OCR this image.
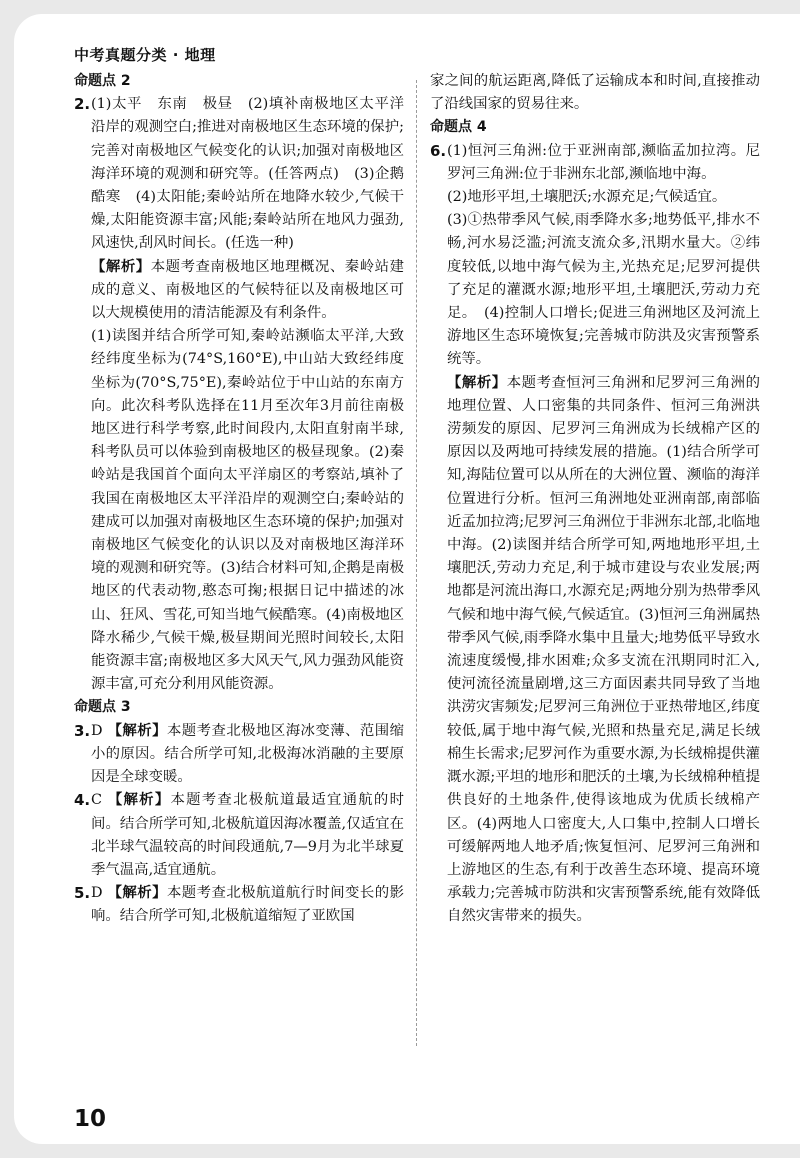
中考真题分类 · 地理
命题点 2
2. (1)太平　东南　极昼　(2)填补南极地区太平洋沿岸的观测空白;推进对南极地区生态环境的保护;完善对南极地区气候变化的认识;加强对南极地区海洋环境的观测和研究等。(任答两点)　(3)企鹅　酷寒　(4)太阳能;秦岭站所在地降水较少,气候干燥,太阳能资源丰富;风能;秦岭站所在地风力强劲,风速快,刮风时间长。(任选一种)

【解析】本题考查南极地区地理概况、秦岭站建成的意义、南极地区的气候特征以及南极地区可以大规模使用的清洁能源及有利条件。

(1)读图并结合所学可知,秦岭站濒临太平洋,大致经纬度坐标为(74°S,160°E),中山站大致经纬度坐标为(70°S,75°E),秦岭站位于中山站的东南方向。此次科考队选择在11月至次年3月前往南极地区进行科学考察,此时间段内,太阳直射南半球,科考队员可以体验到南极地区的极昼现象。(2)秦岭站是我国首个面向太平洋扇区的考察站,填补了我国在南极地区太平洋沿岸的观测空白;秦岭站的建成可以加强对南极地区生态环境的保护;加强对南极地区气候变化的认识以及对南极地区海洋环境的观测和研究等。(3)结合材料可知,企鹅是南极地区的代表动物,憨态可掬;根据日记中描述的冰山、狂风、雪花,可知当地气候酷寒。(4)南极地区降水稀少,气候干燥,极昼期间光照时间较长,太阳能资源丰富;南极地区多大风天气,风力强劲风能资源丰富,可充分利用风能资源。

命题点 3
3. D 【解析】本题考查北极地区海冰变薄、范围缩小的原因。结合所学可知,北极海冰消融的主要原因是全球变暖。

4. C 【解析】本题考查北极航道最适宜通航的时间。结合所学可知,北极航道因海冰覆盖,仅适宜在北半球气温较高的时间段通航,7—9月为北半球夏季气温高,适宜通航。

5. D 【解析】本题考查北极航道航行时间变长的影响。结合所学可知,北极航道缩短了亚欧国

家之间的航运距离,降低了运输成本和时间,直接推动了沿线国家的贸易往来。

命题点 4
6. (1)恒河三角洲:位于亚洲南部,濒临孟加拉湾。尼罗河三角洲:位于非洲东北部,濒临地中海。

(2)地形平坦,土壤肥沃;水源充足;气候适宜。

(3)①热带季风气候,雨季降水多;地势低平,排水不畅,河水易泛滥;河流支流众多,汛期水量大。②纬度较低,以地中海气候为主,光热充足;尼罗河提供了充足的灌溉水源;地形平坦,土壤肥沃,劳动力充足。　(4)控制人口增长;促进三角洲地区及河流上游地区生态环境恢复;完善城市防洪及灾害预警系统等。

【解析】本题考查恒河三角洲和尼罗河三角洲的地理位置、人口密集的共同条件、恒河三角洲洪涝频发的原因、尼罗河三角洲成为长绒棉产区的原因以及两地可持续发展的措施。(1)结合所学可知,海陆位置可以从所在的大洲位置、濒临的海洋位置进行分析。恒河三角洲地处亚洲南部,南部临近孟加拉湾;尼罗河三角洲位于非洲东北部,北临地中海。(2)读图并结合所学可知,两地地形平坦,土壤肥沃,劳动力充足,利于城市建设与农业发展;两地都是河流出海口,水源充足;两地分别为热带季风气候和地中海气候,气候适宜。(3)恒河三角洲属热带季风气候,雨季降水集中且量大;地势低平导致水流速度缓慢,排水困难;众多支流在汛期同时汇入,使河流径流量剧增,这三方面因素共同导致了当地洪涝灾害频发;尼罗河三角洲位于亚热带地区,纬度较低,属于地中海气候,光照和热量充足,满足长绒棉生长需求;尼罗河作为重要水源,为长绒棉提供灌溉水源;平坦的地形和肥沃的土壤,为长绒棉种植提供良好的土地条件,使得该地成为优质长绒棉产区。(4)两地人口密度大,人口集中,控制人口增长可缓解两地人地矛盾;恢复恒河、尼罗河三角洲和上游地区的生态,有利于改善生态环境、提高环境承载力;完善城市防洪和灾害预警系统,能有效降低自然灾害带来的损失。

10
